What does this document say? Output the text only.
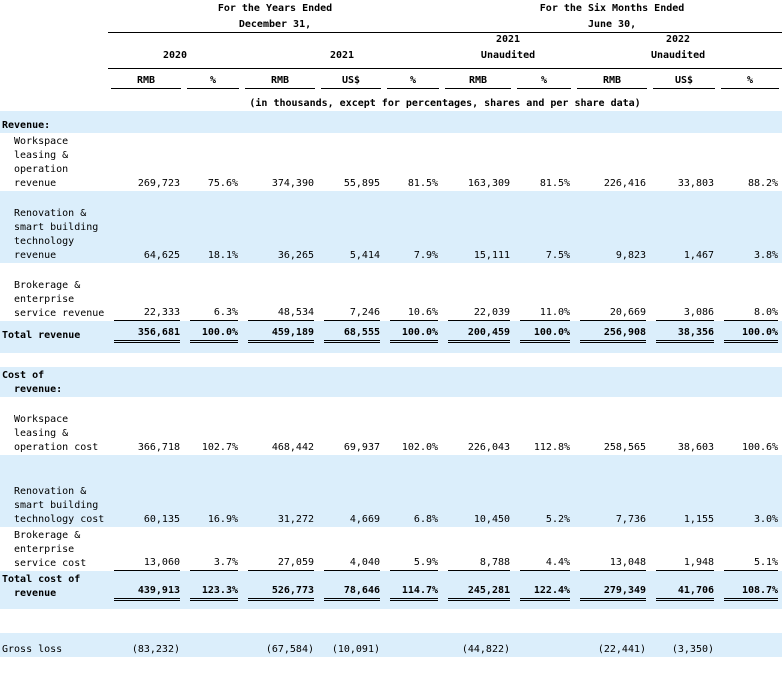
	For the Years Ended					For the Six Months Ended				
	December 31,					June 30,				
						2021		2022		
	2020		2021			Unaudited		Unaudited		

	RMB	%	RMB	US$	%	RMB	%	RMB	US$	%
	(in thousands, except for percentages, shares and per share data)									
Revenue:										
Workspace leasing & operation revenue	269,723	75.6%	374,390	55,895	81.5%	163,309	81.5%	226,416	33,803	88.2%
Renovation & smart building technology revenue	64,625	18.1%	36,265	5,414	7.9%	15,111	7.5%	9,823	1,467	3.8%
Brokerage & enterprise service revenue	22,333	6.3%	48,534	7,246	10.6%	22,039	11.0%	20,669	3,086	8.0%
Total revenue	356,681	100.0%	459,189	68,555	100.0%	200,459	100.0%	256,908	38,356	100.0%

Cost of
revenue:										

Workspace leasing & operation cost	366,718	102.7%	468,442	69,937	102.0%	226,043	112.8%	258,565	38,603	100.6%
Renovation & smart building technology cost	60,135	16.9%	31,272	4,669	6.8%	10,450	5.2%	7,736	1,155	3.0%
Brokerage & enterprise service cost	13,060	3.7%	27,059	4,040	5.9%	8,788	4.4%	13,048	1,948	5.1%

Total cost of
revenue	439,913	123.3%	526,773	78,646	114.7%	245,281	122.4%	279,349	41,706	108.7%

Gross loss	(83,232)		(67,584)	(10,091)		(44,822)		(22,441)	(3,350)	
